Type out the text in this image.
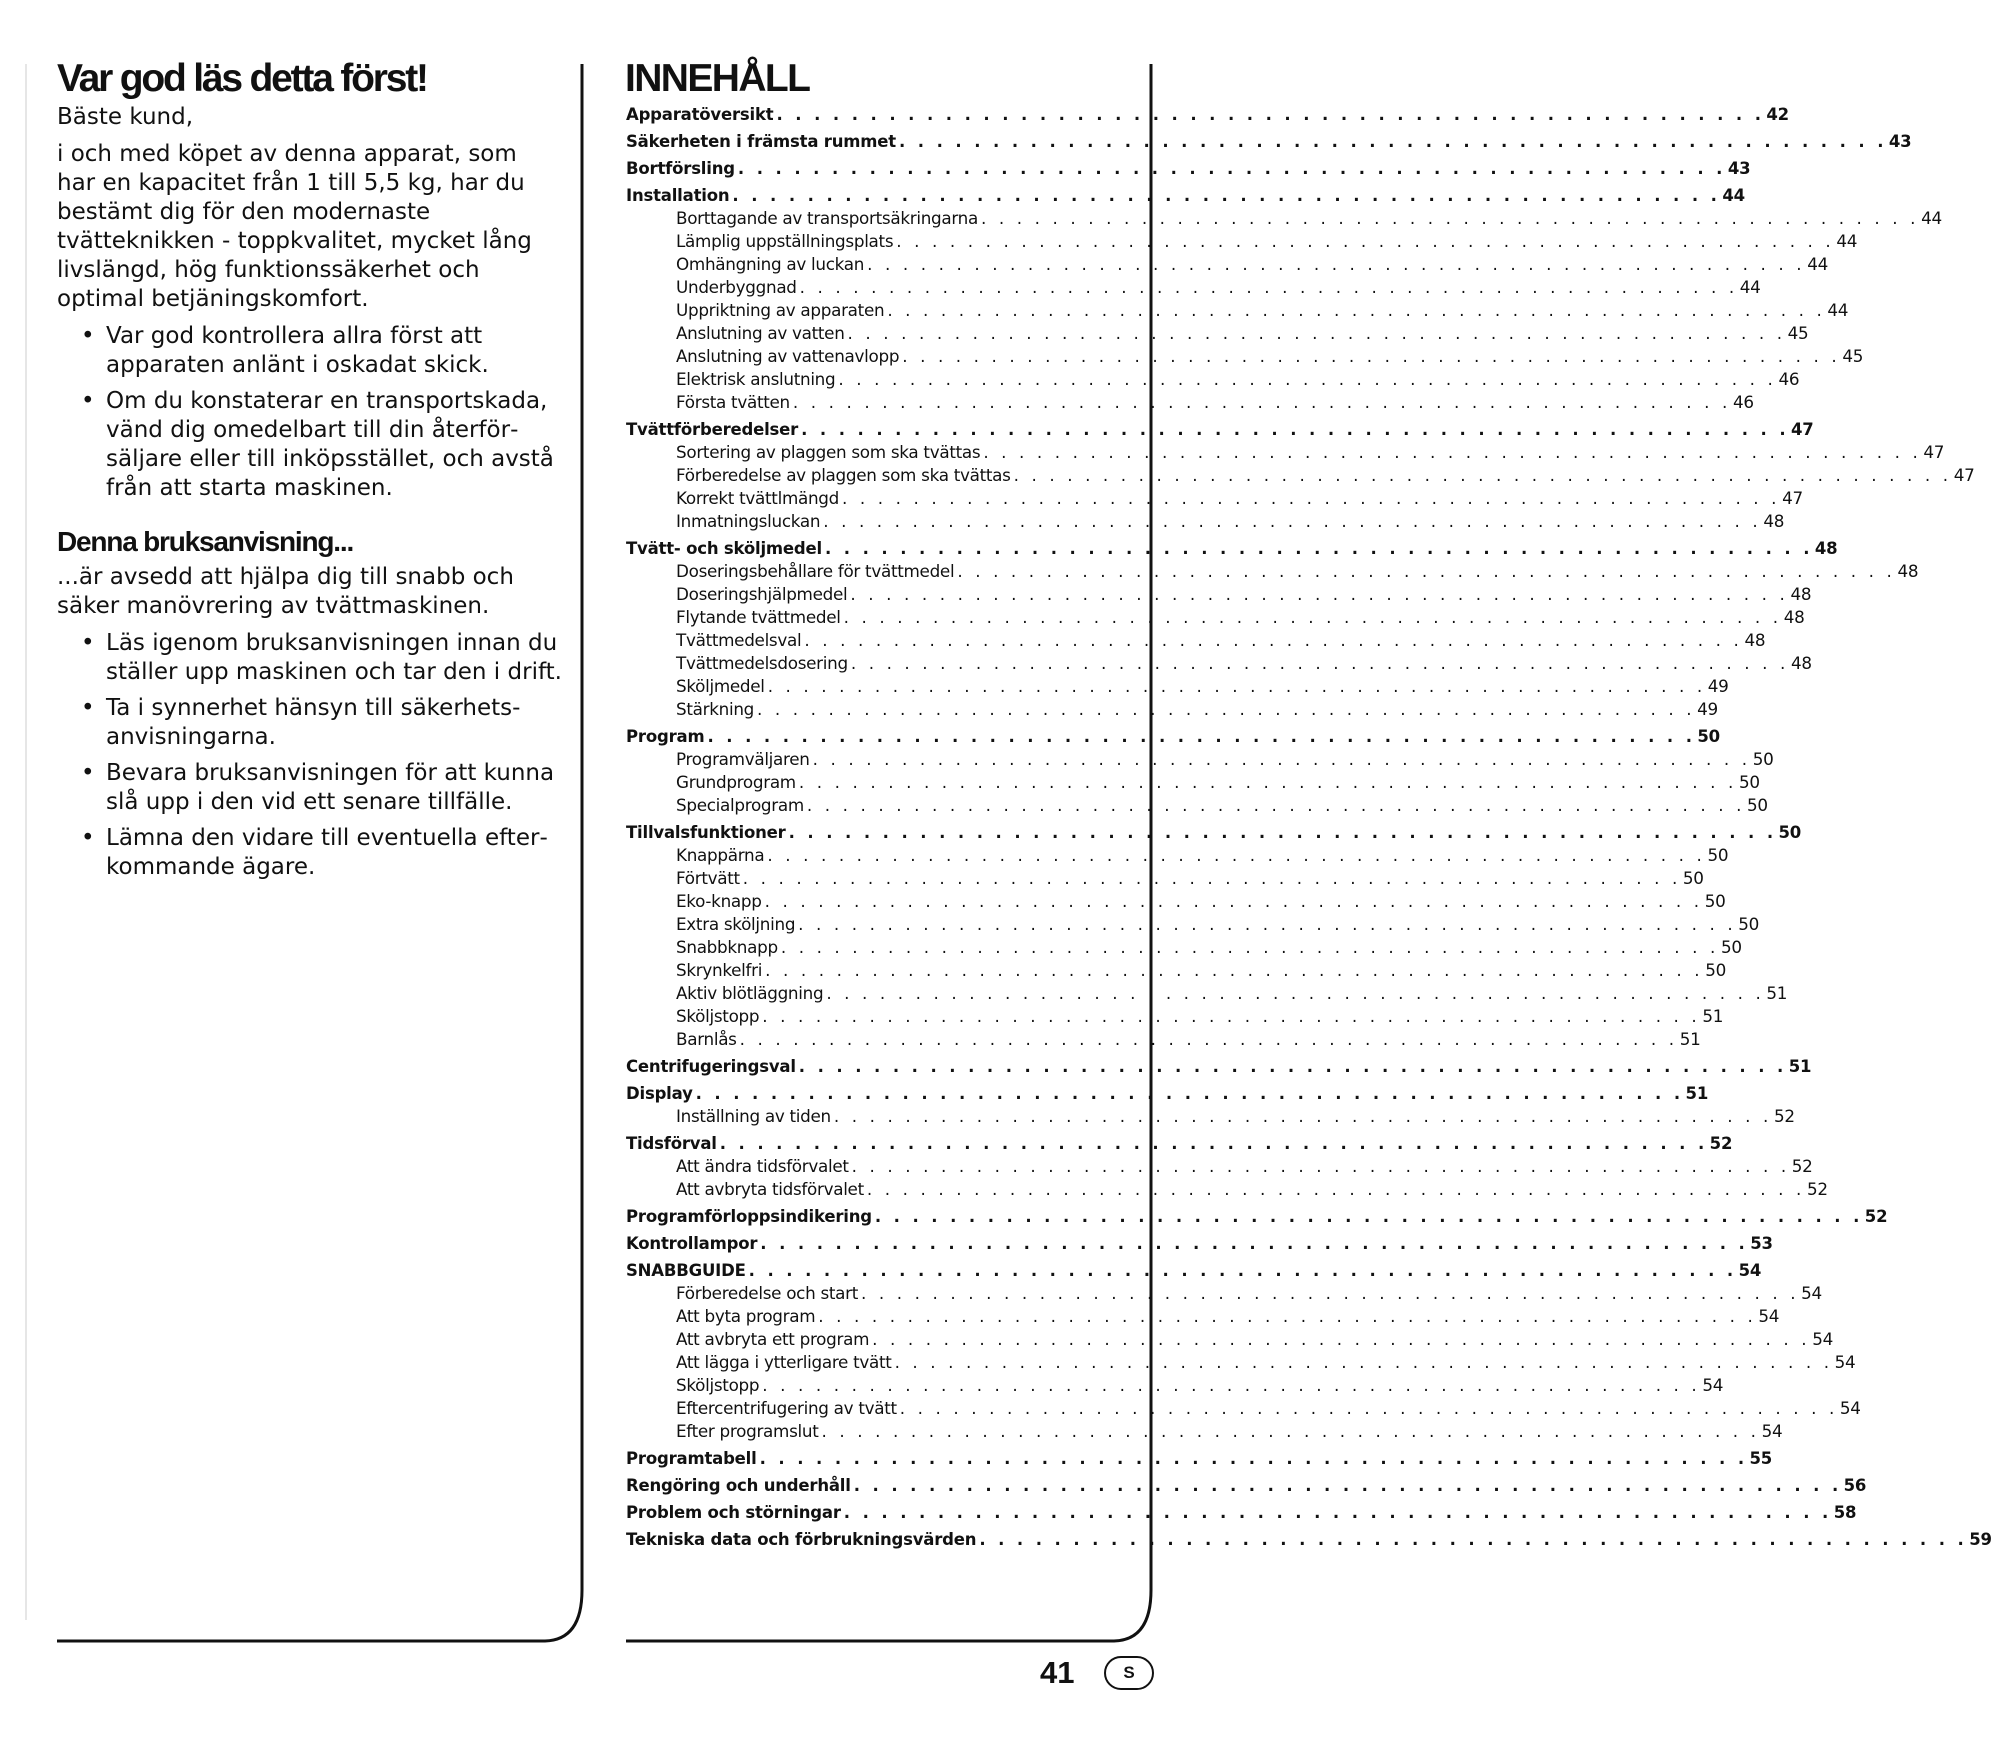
Var god läs detta först!

Bäste kund,

i och med köpet av denna apparat, som har en kapacitet från 1 till 5,5 kg, har du bestämt dig för den modernaste tvätteknikken - toppkvalitet, mycket lång livslängd, hög funktionssäkerhet och optimal betjäningskomfort.

• Var god kontrollera allra först att apparaten anlänt i oskadat skick.
• Om du konstaterar en transportskada, vänd dig omedelbart till din återförsäljare eller till inköpsstället, och avstå från att starta maskinen.
Denna bruksanvisning...

...är avsedd att hjälpa dig till snabb och säker manövrering av tvättmaskinen.

• Läs igenom bruksanvisningen innan du ställer upp maskinen och tar den i drift.
• Ta i synnerhet hänsyn till säkerhetsanvisningarna.
• Bevara bruksanvisningen för att kunna slå upp i den vid ett senare tillfälle.
• Lämna den vidare till eventuella efterkommande ägare.
INNEHÅLL
Apparatöversikt . . . . . . . . . . . . . . . . . . . . . . . . . . . . . . . . . . . . . . . . . . . . . . . . . . . . . 42
Säkerheten i främsta rummet . . . . . . . . . . . . . . . . . . . . . . . . . . . . . . . . . . . . . . . . . . . . . . . . . . . . . 43
Bortförsling . . . . . . . . . . . . . . . . . . . . . . . . . . . . . . . . . . . . . . . . . . . . . . . . . . . . . 43
Installation . . . . . . . . . . . . . . . . . . . . . . . . . . . . . . . . . . . . . . . . . . . . . . . . . . . . . 44
Borttagande av transportsäkringarna . . . . . . . . . . . . . . . . . . . . . . . . . . . . . . . . . . . . . . . . . . . . . . . . . . . . . 44
Lämplig uppställningsplats . . . . . . . . . . . . . . . . . . . . . . . . . . . . . . . . . . . . . . . . . . . . . . . . . . . . . 44
Omhängning av luckan . . . . . . . . . . . . . . . . . . . . . . . . . . . . . . . . . . . . . . . . . . . . . . . . . . . . . 44
Underbyggnad . . . . . . . . . . . . . . . . . . . . . . . . . . . . . . . . . . . . . . . . . . . . . . . . . . . . . 44
Uppriktning av apparaten . . . . . . . . . . . . . . . . . . . . . . . . . . . . . . . . . . . . . . . . . . . . . . . . . . . . . 44
Anslutning av vatten . . . . . . . . . . . . . . . . . . . . . . . . . . . . . . . . . . . . . . . . . . . . . . . . . . . . . 45
Anslutning av vattenavlopp . . . . . . . . . . . . . . . . . . . . . . . . . . . . . . . . . . . . . . . . . . . . . . . . . . . . . 45
Elektrisk anslutning . . . . . . . . . . . . . . . . . . . . . . . . . . . . . . . . . . . . . . . . . . . . . . . . . . . . . 46
Första tvätten . . . . . . . . . . . . . . . . . . . . . . . . . . . . . . . . . . . . . . . . . . . . . . . . . . . . . 46
Tvättförberedelser . . . . . . . . . . . . . . . . . . . . . . . . . . . . . . . . . . . . . . . . . . . . . . . . . . . . . 47
Sortering av plaggen som ska tvättas . . . . . . . . . . . . . . . . . . . . . . . . . . . . . . . . . . . . . . . . . . . . . . . . . . . . . 47
Förberedelse av plaggen som ska tvättas . . . . . . . . . . . . . . . . . . . . . . . . . . . . . . . . . . . . . . . . . . . . . . . . . . . . . 47
Korrekt tvättlmängd . . . . . . . . . . . . . . . . . . . . . . . . . . . . . . . . . . . . . . . . . . . . . . . . . . . . . 47
Inmatningsluckan . . . . . . . . . . . . . . . . . . . . . . . . . . . . . . . . . . . . . . . . . . . . . . . . . . . . . 48
Tvätt- och sköljmedel . . . . . . . . . . . . . . . . . . . . . . . . . . . . . . . . . . . . . . . . . . . . . . . . . . . . . 48
Doseringsbehållare för tvättmedel . . . . . . . . . . . . . . . . . . . . . . . . . . . . . . . . . . . . . . . . . . . . . . . . . . . . . 48
Doseringshjälpmedel . . . . . . . . . . . . . . . . . . . . . . . . . . . . . . . . . . . . . . . . . . . . . . . . . . . . . 48
Flytande tvättmedel . . . . . . . . . . . . . . . . . . . . . . . . . . . . . . . . . . . . . . . . . . . . . . . . . . . . . 48
Tvättmedelsval . . . . . . . . . . . . . . . . . . . . . . . . . . . . . . . . . . . . . . . . . . . . . . . . . . . . . 48
Tvättmedelsdosering . . . . . . . . . . . . . . . . . . . . . . . . . . . . . . . . . . . . . . . . . . . . . . . . . . . . . 48
Sköljmedel . . . . . . . . . . . . . . . . . . . . . . . . . . . . . . . . . . . . . . . . . . . . . . . . . . . . . 49
Stärkning . . . . . . . . . . . . . . . . . . . . . . . . . . . . . . . . . . . . . . . . . . . . . . . . . . . . . 49
Program . . . . . . . . . . . . . . . . . . . . . . . . . . . . . . . . . . . . . . . . . . . . . . . . . . . . . 50
Programväljaren . . . . . . . . . . . . . . . . . . . . . . . . . . . . . . . . . . . . . . . . . . . . . . . . . . . . . 50
Grundprogram . . . . . . . . . . . . . . . . . . . . . . . . . . . . . . . . . . . . . . . . . . . . . . . . . . . . . 50
Specialprogram . . . . . . . . . . . . . . . . . . . . . . . . . . . . . . . . . . . . . . . . . . . . . . . . . . . . . 50
Tillvalsfunktioner . . . . . . . . . . . . . . . . . . . . . . . . . . . . . . . . . . . . . . . . . . . . . . . . . . . . . 50
Knappärna . . . . . . . . . . . . . . . . . . . . . . . . . . . . . . . . . . . . . . . . . . . . . . . . . . . . . 50
Förtvätt . . . . . . . . . . . . . . . . . . . . . . . . . . . . . . . . . . . . . . . . . . . . . . . . . . . . . 50
Eko-knapp . . . . . . . . . . . . . . . . . . . . . . . . . . . . . . . . . . . . . . . . . . . . . . . . . . . . . 50
Extra sköljning . . . . . . . . . . . . . . . . . . . . . . . . . . . . . . . . . . . . . . . . . . . . . . . . . . . . . 50
Snabbknapp . . . . . . . . . . . . . . . . . . . . . . . . . . . . . . . . . . . . . . . . . . . . . . . . . . . . . 50
Skrynkelfri . . . . . . . . . . . . . . . . . . . . . . . . . . . . . . . . . . . . . . . . . . . . . . . . . . . . . 50
Aktiv blötläggning . . . . . . . . . . . . . . . . . . . . . . . . . . . . . . . . . . . . . . . . . . . . . . . . . . . . . 51
Sköljstopp . . . . . . . . . . . . . . . . . . . . . . . . . . . . . . . . . . . . . . . . . . . . . . . . . . . . . 51
Barnlås . . . . . . . . . . . . . . . . . . . . . . . . . . . . . . . . . . . . . . . . . . . . . . . . . . . . . 51
Centrifugeringsval . . . . . . . . . . . . . . . . . . . . . . . . . . . . . . . . . . . . . . . . . . . . . . . . . . . . . 51
Display . . . . . . . . . . . . . . . . . . . . . . . . . . . . . . . . . . . . . . . . . . . . . . . . . . . . . 51
Inställning av tiden . . . . . . . . . . . . . . . . . . . . . . . . . . . . . . . . . . . . . . . . . . . . . . . . . . . . . 52
Tidsförval . . . . . . . . . . . . . . . . . . . . . . . . . . . . . . . . . . . . . . . . . . . . . . . . . . . . . 52
Att ändra tidsförvalet . . . . . . . . . . . . . . . . . . . . . . . . . . . . . . . . . . . . . . . . . . . . . . . . . . . . . 52
Att avbryta tidsförvalet . . . . . . . . . . . . . . . . . . . . . . . . . . . . . . . . . . . . . . . . . . . . . . . . . . . . . 52
Programförloppsindikering . . . . . . . . . . . . . . . . . . . . . . . . . . . . . . . . . . . . . . . . . . . . . . . . . . . . . 52
Kontrollampor . . . . . . . . . . . . . . . . . . . . . . . . . . . . . . . . . . . . . . . . . . . . . . . . . . . . . 53
SNABBGUIDE . . . . . . . . . . . . . . . . . . . . . . . . . . . . . . . . . . . . . . . . . . . . . . . . . . . . . 54
Förberedelse och start . . . . . . . . . . . . . . . . . . . . . . . . . . . . . . . . . . . . . . . . . . . . . . . . . . . . . 54
Att byta program . . . . . . . . . . . . . . . . . . . . . . . . . . . . . . . . . . . . . . . . . . . . . . . . . . . . . 54
Att avbryta ett program . . . . . . . . . . . . . . . . . . . . . . . . . . . . . . . . . . . . . . . . . . . . . . . . . . . . . 54
Att lägga i ytterligare tvätt . . . . . . . . . . . . . . . . . . . . . . . . . . . . . . . . . . . . . . . . . . . . . . . . . . . . . 54
Sköljstopp . . . . . . . . . . . . . . . . . . . . . . . . . . . . . . . . . . . . . . . . . . . . . . . . . . . . . 54
Eftercentrifugering av tvätt . . . . . . . . . . . . . . . . . . . . . . . . . . . . . . . . . . . . . . . . . . . . . . . . . . . . . 54
Efter programslut . . . . . . . . . . . . . . . . . . . . . . . . . . . . . . . . . . . . . . . . . . . . . . . . . . . . . 54
Programtabell . . . . . . . . . . . . . . . . . . . . . . . . . . . . . . . . . . . . . . . . . . . . . . . . . . . . . 55
Rengöring och underhåll . . . . . . . . . . . . . . . . . . . . . . . . . . . . . . . . . . . . . . . . . . . . . . . . . . . . . 56
Problem och störningar . . . . . . . . . . . . . . . . . . . . . . . . . . . . . . . . . . . . . . . . . . . . . . . . . . . . . 58
Tekniska data och förbrukningsvärden . . . . . . . . . . . . . . . . . . . . . . . . . . . . . . . . . . . . . . . . . . . . . . . . . . . . . 59
41	S
